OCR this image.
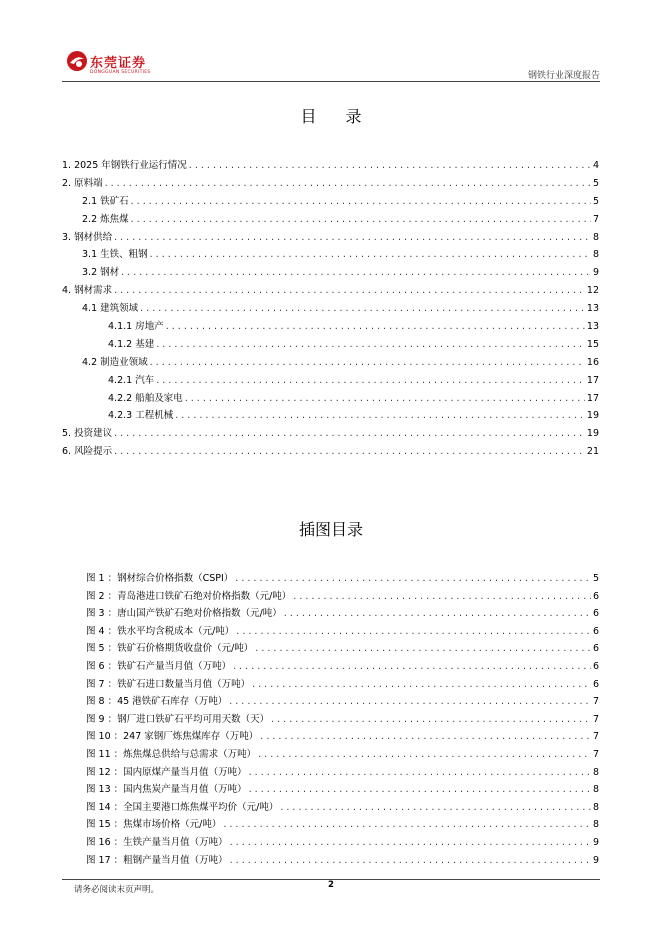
东莞证券
DONGGUAN SECURITIES	钢铁行业深度报告
目 录
1. 2025 年钢铁行业运行情况 . . .	4
2. 原料端 . . .	5
2.1 铁矿石 . . .	5
2.2 炼焦煤 . . .	7
3. 钢材供给 . . .	8
3.1 生铁、粗钢 . . .	8
3.2 钢材 . . .	9
4. 钢材需求 . . .	12
4.1 建筑领域 . . .	13
4.1.1 房地产 . . .	13
4.1.2 基建 . . .	15
4.2 制造业领域 . . .	16
4.2.1 汽车 . . .	17
4.2.2 船舶及家电 . . .	17
4.2.3 工程机械 . . .	19
5. 投资建议 . . .	19
6. 风险提示 . . .	21
插图目录
图 1 ：钢材综合价格指数（CSPI） . . .	5
图 2 ：青岛港进口铁矿石绝对价格指数（元/吨） . . .	6
图 3 ：唐山国产铁矿石绝对价格指数（元/吨） . . .	6
图 4 ：铁水平均含税成本（元/吨） . . .	6
图 5 ：铁矿石价格期货收盘价（元/吨） . . .	6
图 6 ：铁矿石产量当月值（万吨） . . .	6
图 7 ：铁矿石进口数量当月值（万吨） . . .	6
图 8 ：45 港铁矿石库存（万吨） . . .	7
图 9 ：钢厂进口铁矿石平均可用天数（天） . . .	7
图 10 ：247 家钢厂炼焦煤库存（万吨） . . .	7
图 11 ：炼焦煤总供给与总需求（万吨） . . .	7
图 12 ：国内原煤产量当月值（万吨） . . .	8
图 13 ：国内焦炭产量当月值（万吨） . . .	8
图 14 ：全国主要港口炼焦煤平均价（元/吨） . . .	8
图 15 ：焦煤市场价格（元/吨） . . .	8
图 16 ：生铁产量当月值（万吨） . . .	9
图 17 ：粗钢产量当月值（万吨） . . .	9
请务必阅读末页声明。	2
